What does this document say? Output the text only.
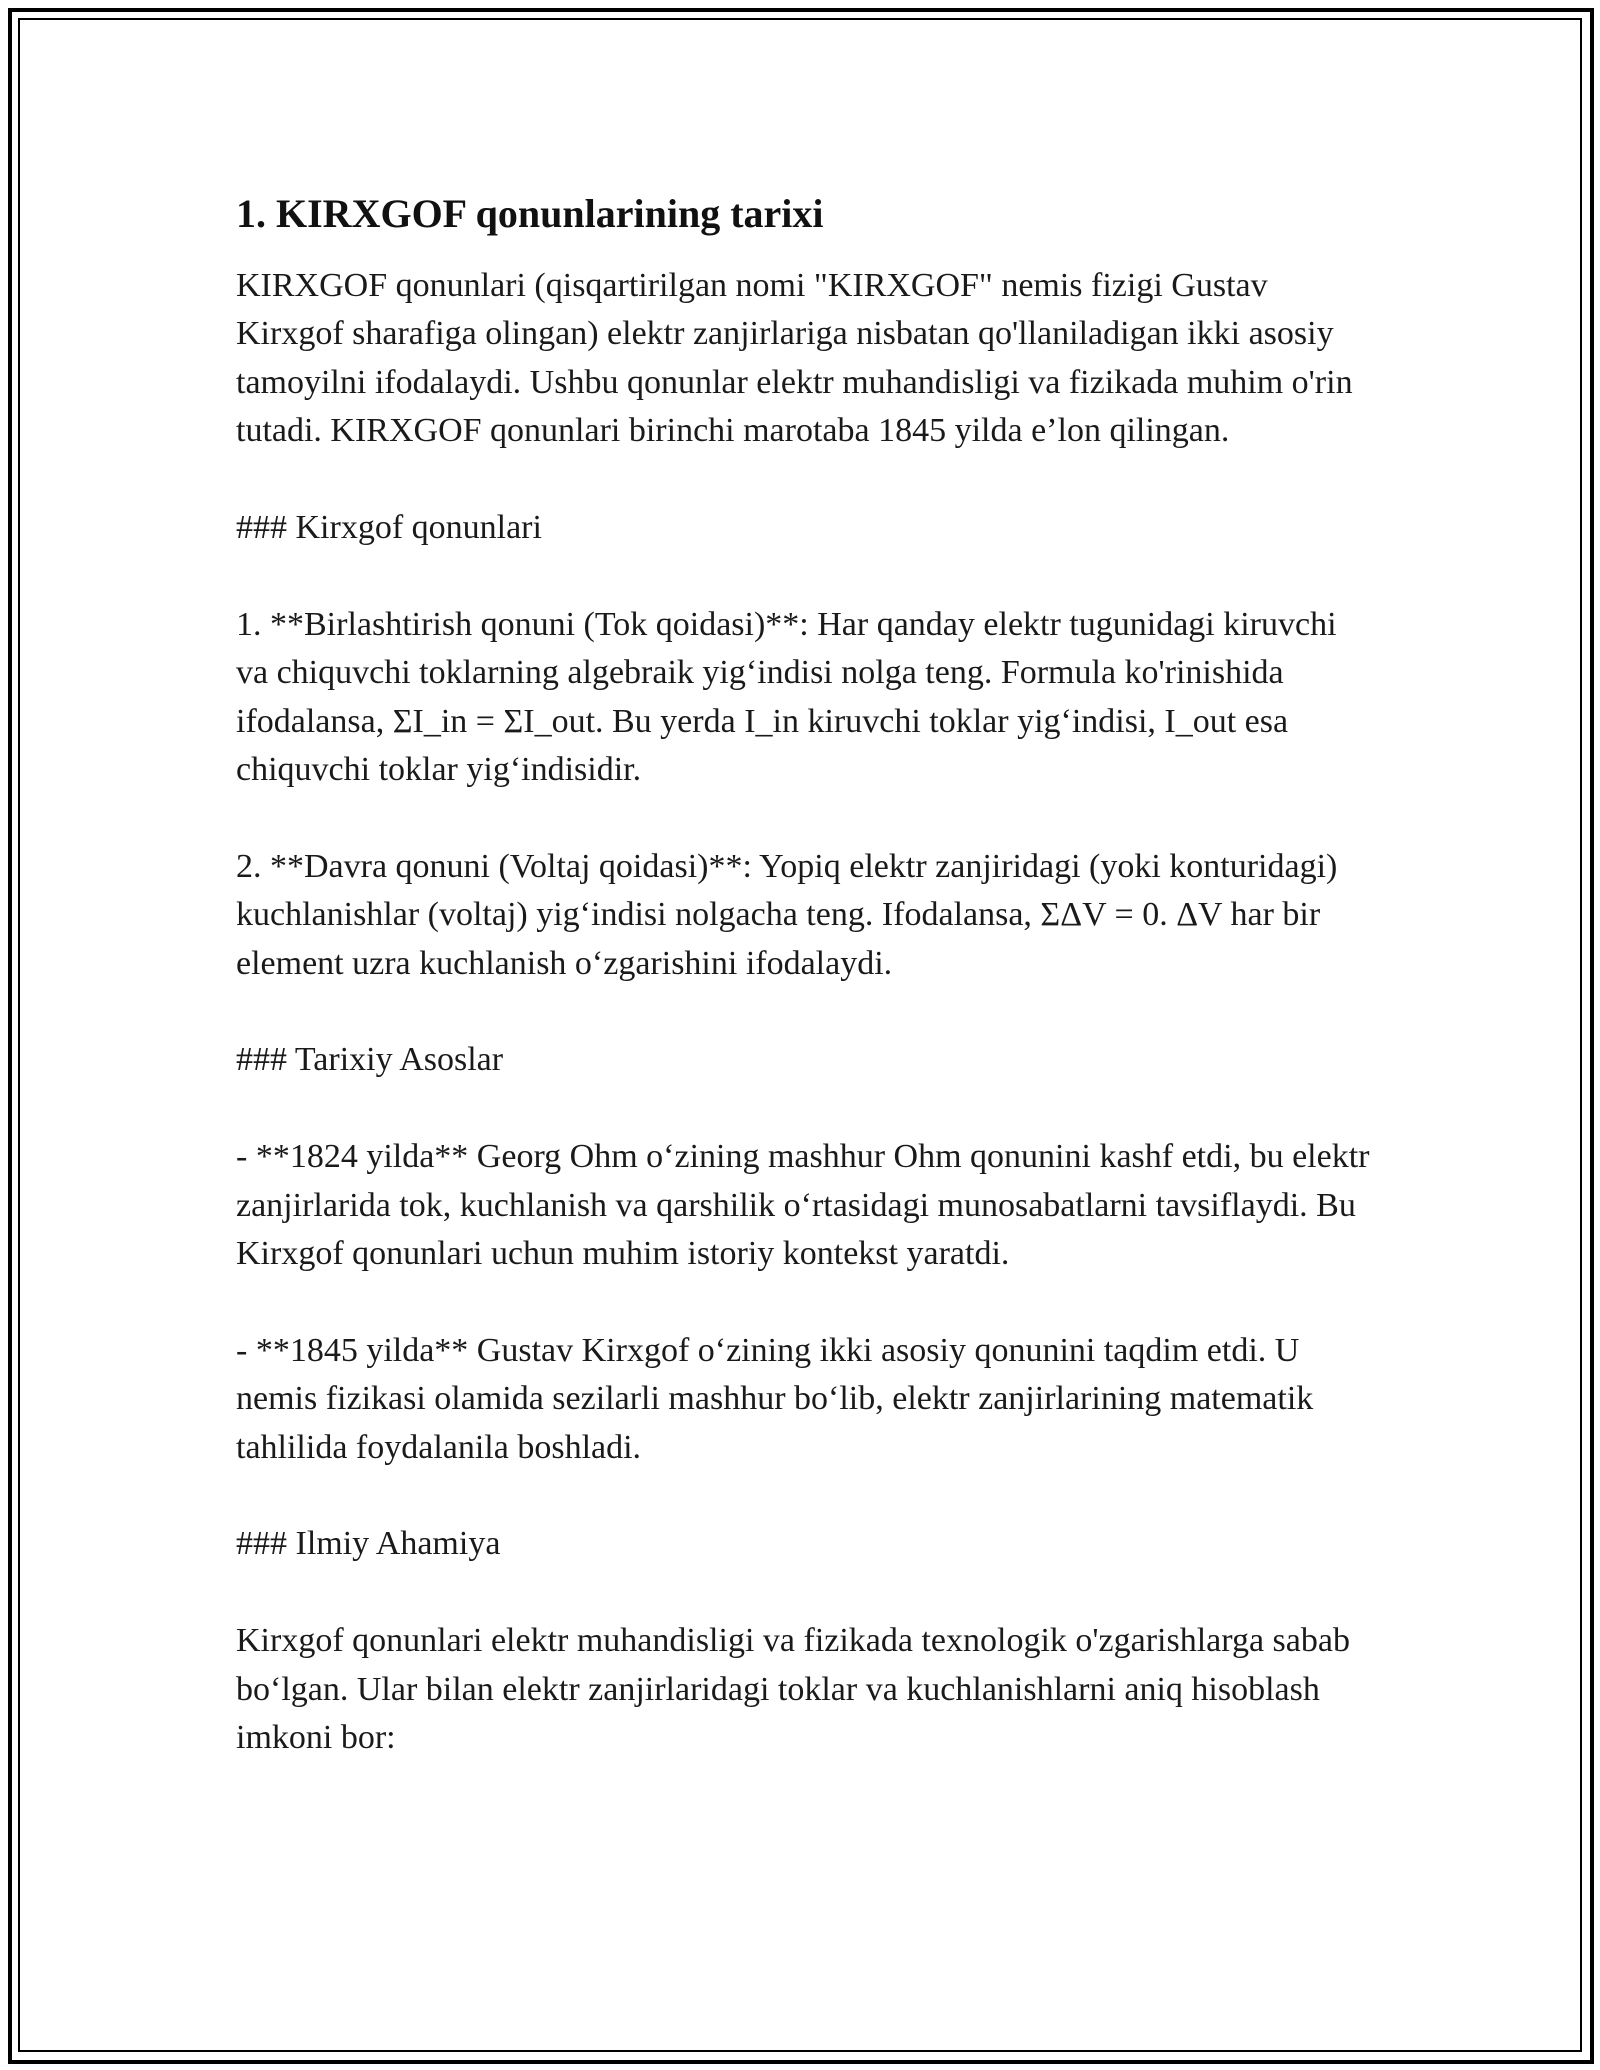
1. KIRXGOF qonunlarining tarixi

KIRXGOF qonunlari (qisqartirilgan nomi "KIRXGOF" nemis fizigi Gustav Kirxgof sharafiga olingan) elektr zanjirlariga nisbatan qo'llaniladigan ikki asosiy tamoyilni ifodalaydi. Ushbu qonunlar elektr muhandisligi va fizikada muhim o'rin tutadi. KIRXGOF qonunlari birinchi marotaba 1845 yilda e’lon qilingan.

### Kirxgof qonunlari

1. **Birlashtirish qonuni (Tok qoidasi)**: Har qanday elektr tugunidagi kiruvchi va chiquvchi toklarning algebraik yig‘indisi nolga teng. Formula ko'rinishida ifodalansa, ΣI_in = ΣI_out. Bu yerda I_in kiruvchi toklar yig‘indisi, I_out esa chiquvchi toklar yig‘indisidir.

2. **Davra qonuni (Voltaj qoidasi)**: Yopiq elektr zanjiridagi (yoki konturidagi) kuchlanishlar (voltaj) yig‘indisi nolgacha teng. Ifodalansa, ΣΔV = 0. ΔV har bir element uzra kuchlanish o‘zgarishini ifodalaydi.

### Tarixiy Asoslar

- **1824 yilda** Georg Ohm o‘zining mashhur Ohm qonunini kashf etdi, bu elektr zanjirlarida tok, kuchlanish va qarshilik o‘rtasidagi munosabatlarni tavsiflaydi. Bu Kirxgof qonunlari uchun muhim istoriy kontekst yaratdi.

- **1845 yilda** Gustav Kirxgof o‘zining ikki asosiy qonunini taqdim etdi. U nemis fizikasi olamida sezilarli mashhur bo‘lib, elektr zanjirlarining matematik tahlilida foydalanila boshladi.

### Ilmiy Ahamiya

Kirxgof qonunlari elektr muhandisligi va fizikada texnologik o'zgarishlarga sabab bo‘lgan. Ular bilan elektr zanjirlaridagi toklar va kuchlanishlarni aniq hisoblash imkoni bor:
